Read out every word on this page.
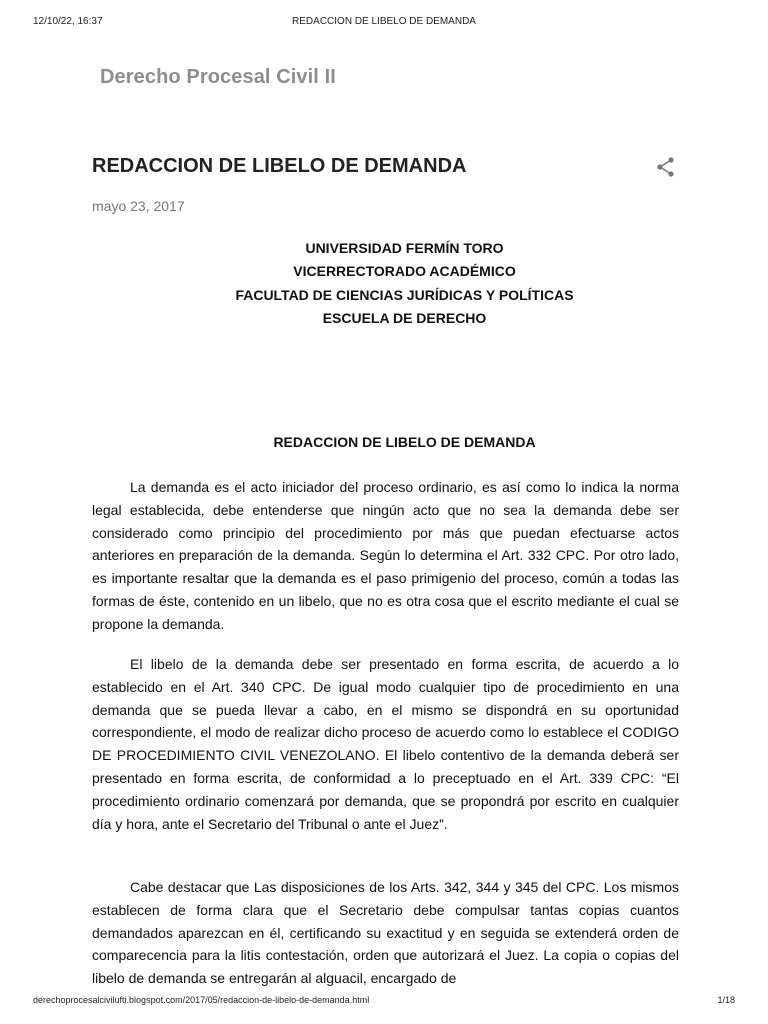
12/10/22, 16:37	REDACCION DE LIBELO DE DEMANDA
Derecho Procesal Civil II
REDACCION DE LIBELO DE DEMANDA
mayo 23, 2017
UNIVERSIDAD FERMÍN TORO
VICERRECTORADO ACADÉMICO
FACULTAD DE CIENCIAS JURÍDICAS Y POLÍTICAS
ESCUELA DE DERECHO
REDACCION DE LIBELO DE DEMANDA

La demanda es el acto iniciador del proceso ordinario, es así como lo indica la norma legal establecida, debe entenderse que ningún acto que no sea la demanda debe ser considerado como principio del procedimiento por más que puedan efectuarse actos anteriores en preparación de la demanda. Según lo determina el Art. 332 CPC. Por otro lado, es importante resaltar que la demanda es el paso primigenio del proceso, común a todas las formas de éste, contenido en un libelo, que no es otra cosa que el escrito mediante el cual se propone la demanda.

El libelo de la demanda debe ser presentado en forma escrita, de acuerdo a lo establecido en el Art. 340 CPC. De igual modo cualquier tipo de procedimiento en una demanda que se pueda llevar a cabo, en el mismo se dispondrá en su oportunidad correspondiente, el modo de realizar dicho proceso de acuerdo como lo establece el CODIGO DE PROCEDIMIENTO CIVIL VENEZOLANO. El libelo contentivo de la demanda deberá ser presentado en forma escrita, de conformidad a lo preceptuado en el Art. 339 CPC: “El procedimiento ordinario comenzará por demanda, que se propondrá por escrito en cualquier día y hora, ante el Secretario del Tribunal o ante el Juez”.

Cabe destacar que Las disposiciones de los Arts. 342, 344 y 345 del CPC. Los mismos establecen de forma clara que el Secretario debe compulsar tantas copias cuantos demandados aparezcan en él, certificando su exactitud y en seguida se extenderá orden de comparecencia para la litis contestación, orden que autorizará el Juez. La copia o copias del libelo de demanda se entregarán al alguacil, encargado de

derechoprocesalcivilufti.blogspot.com/2017/05/redaccion-de-libelo-de-demanda.html	1/18
